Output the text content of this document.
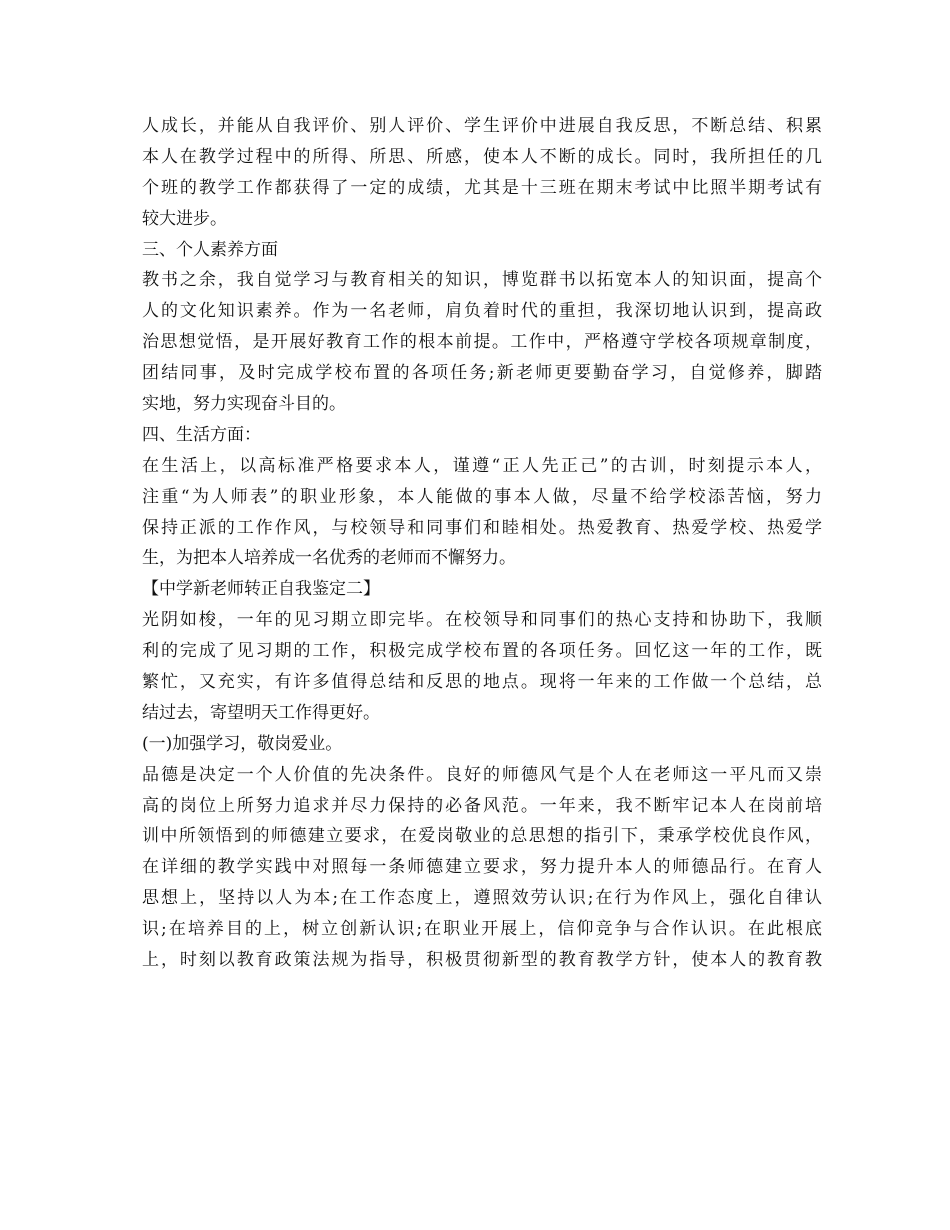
人成长，并能从自我评价、别人评价、学生评价中进展自我反思，不断总结、积累
本人在教学过程中的所得、所思、所感，使本人不断的成长。同时，我所担任的几
个班的教学工作都获得了一定的成绩，尤其是十三班在期末考试中比照半期考试有
较大进步。
三、个人素养方面
教书之余，我自觉学习与教育相关的知识，博览群书以拓宽本人的知识面，提高个
人的文化知识素养。作为一名老师，肩负着时代的重担，我深切地认识到，提高政
治思想觉悟，是开展好教育工作的根本前提。工作中，严格遵守学校各项规章制度，
团结同事，及时完成学校布置的各项任务;新老师更要勤奋学习，自觉修养，脚踏
实地，努力实现奋斗目的。
四、生活方面：
在生活上，以高标准严格要求本人，谨遵“正人先正己”的古训，时刻提示本人，
注重“为人师表”的职业形象，本人能做的事本人做，尽量不给学校添苦恼，努力
保持正派的工作作风，与校领导和同事们和睦相处。热爱教育、热爱学校、热爱学
生，为把本人培养成一名优秀的老师而不懈努力。
【中学新老师转正自我鉴定二】
光阴如梭，一年的见习期立即完毕。在校领导和同事们的热心支持和协助下，我顺
利的完成了见习期的工作，积极完成学校布置的各项任务。回忆这一年的工作，既
繁忙，又充实，有许多值得总结和反思的地点。现将一年来的工作做一个总结，总
结过去，寄望明天工作得更好。
(一)加强学习，敬岗爱业。
品德是决定一个人价值的先决条件。良好的师德风气是个人在老师这一平凡而又崇
高的岗位上所努力追求并尽力保持的必备风范。一年来，我不断牢记本人在岗前培
训中所领悟到的师德建立要求，在爱岗敬业的总思想的指引下，秉承学校优良作风，
在详细的教学实践中对照每一条师德建立要求，努力提升本人的师德品行。在育人
思想上，坚持以人为本;在工作态度上，遵照效劳认识;在行为作风上，强化自律认
识;在培养目的上，树立创新认识;在职业开展上，信仰竞争与合作认识。在此根底
上，时刻以教育政策法规为指导，积极贯彻新型的教育教学方针，使本人的教育教
